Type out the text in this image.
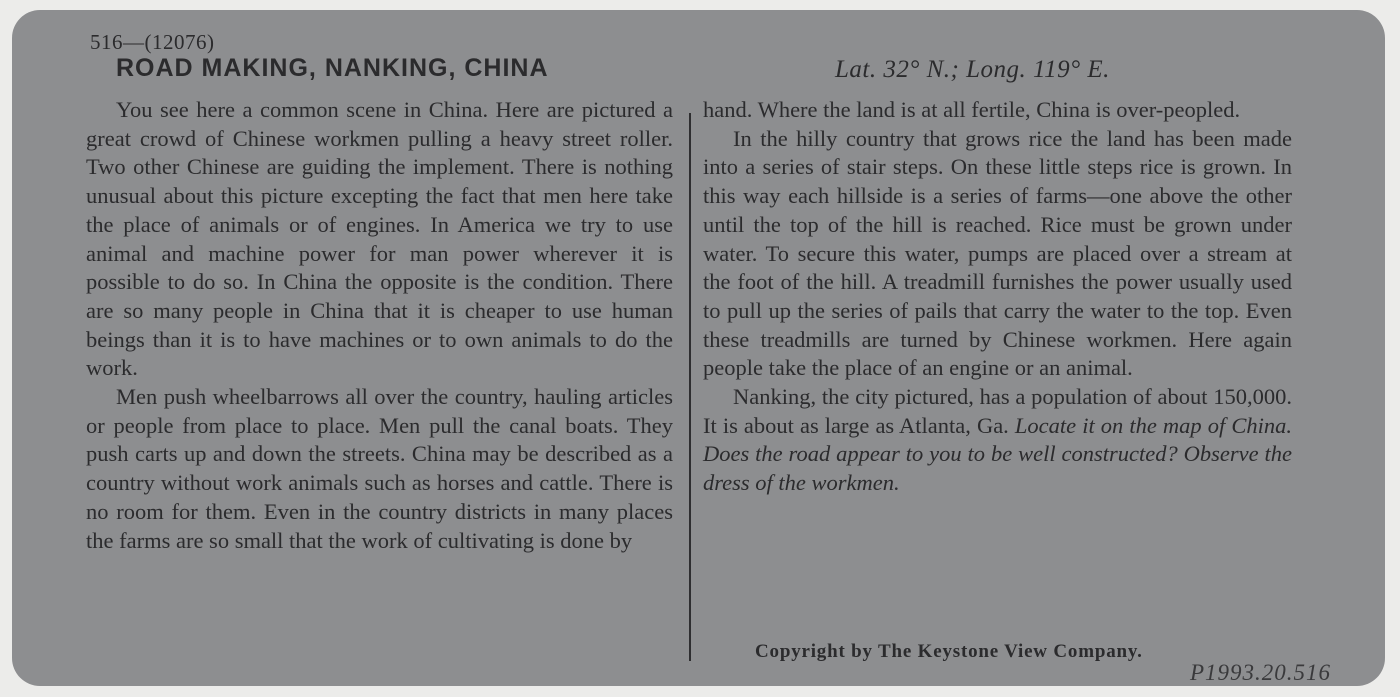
516—(12076)
ROAD MAKING, NANKING, CHINA	Lat. 32° N.; Long. 119° E.

You see here a common scene in China. Here are pictured a great crowd of Chinese workmen pulling a heavy street roller. Two other Chinese are guiding the implement. There is nothing unusual about this picture excepting the fact that men here take the place of animals or of engines. In America we try to use animal and machine power for man power wherever it is possible to do so. In China the opposite is the condition. There are so many people in China that it is cheaper to use human beings than it is to have machines or to own animals to do the work.

Men push wheelbarrows all over the country, hauling articles or people from place to place. Men pull the canal boats. They push carts up and down the streets. China may be described as a country without work animals such as horses and cattle. There is no room for them. Even in the country districts in many places the farms are so small that the work of cultivating is done by

hand. Where the land is at all fertile, China is over-peopled.

In the hilly country that grows rice the land has been made into a series of stair steps. On these little steps rice is grown. In this way each hillside is a series of farms—one above the other until the top of the hill is reached. Rice must be grown under water. To secure this water, pumps are placed over a stream at the foot of the hill. A treadmill furnishes the power usually used to pull up the series of pails that carry the water to the top. Even these treadmills are turned by Chinese workmen. Here again people take the place of an engine or an animal.

Nanking, the city pictured, has a population of about 150,000. It is about as large as Atlanta, Ga. Locate it on the map of China. Does the road appear to you to be well constructed? Observe the dress of the workmen.

Copyright by The Keystone View Company.
P1993.20.516
